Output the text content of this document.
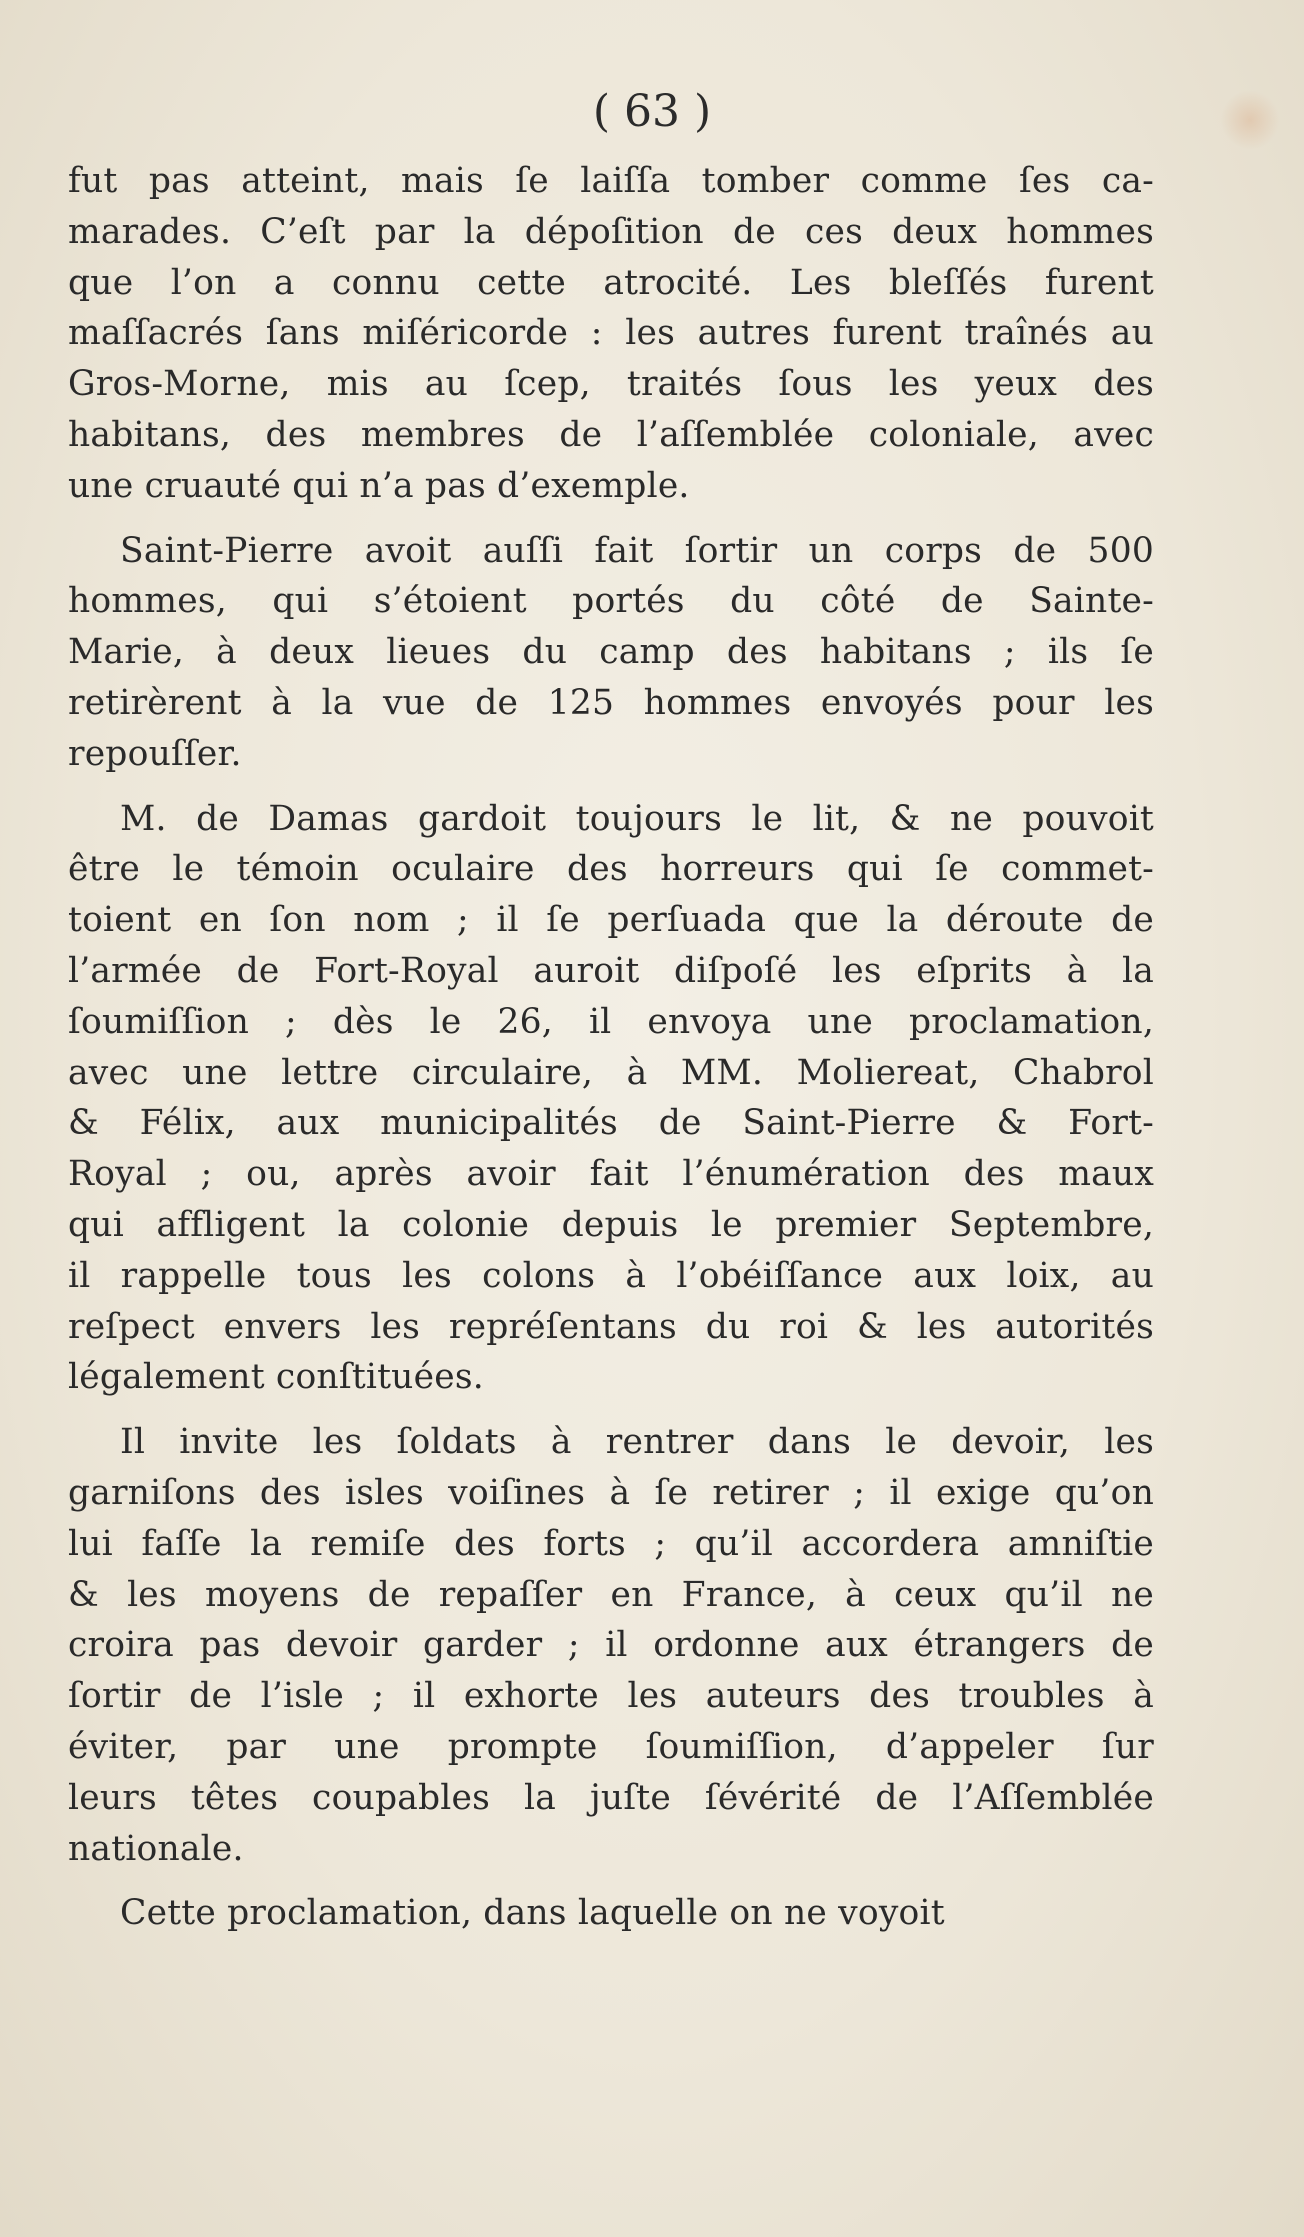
( 63 )
fut pas atteint, mais ſe laiſſa tomber comme ſes ca-
marades. C’eſt par la dépoſition de ces deux hommes
que l’on a connu cette atrocité. Les bleſſés furent
maſſacrés ſans miſéricorde : les autres furent traînés au
Gros-Morne, mis au ſcep, traités ſous les yeux des
habitans, des membres de l’aſſemblée coloniale, avec
une cruauté qui n’a pas d’exemple.
Saint-Pierre avoit auſſi fait ſortir un corps de 500
hommes, qui s’étoient portés du côté de Sainte-
Marie, à deux lieues du camp des habitans ; ils ſe
retirèrent à la vue de 125 hommes envoyés pour les
repouſſer.
M. de Damas gardoit toujours le lit, & ne pouvoit
être le témoin oculaire des horreurs qui ſe commet-
toient en ſon nom ; il ſe perſuada que la déroute de
l’armée de Fort-Royal auroit diſpoſé les eſprits à la
ſoumiſſion ; dès le 26, il envoya une proclamation,
avec une lettre circulaire, à MM. Moliereat, Chabrol
& Félix, aux municipalités de Saint-Pierre & Fort-
Royal ; ou, après avoir fait l’énumération des maux
qui affligent la colonie depuis le premier Septembre,
il rappelle tous les colons à l’obéiſſance aux loix, au
reſpect envers les repréſentans du roi & les autorités
légalement conſtituées.
Il invite les ſoldats à rentrer dans le devoir, les
garniſons des isles voiſines à ſe retirer ; il exige qu’on
lui faſſe la remiſe des forts ; qu’il accordera amniſtie
& les moyens de repaſſer en France, à ceux qu’il ne
croira pas devoir garder ; il ordonne aux étrangers de
ſortir de l’isle ; il exhorte les auteurs des troubles à
éviter, par une prompte ſoumiſſion, d’appeler ſur
leurs têtes coupables la juſte ſévérité de l’Aſſemblée
nationale.
Cette proclamation, dans laquelle on ne voyoit
